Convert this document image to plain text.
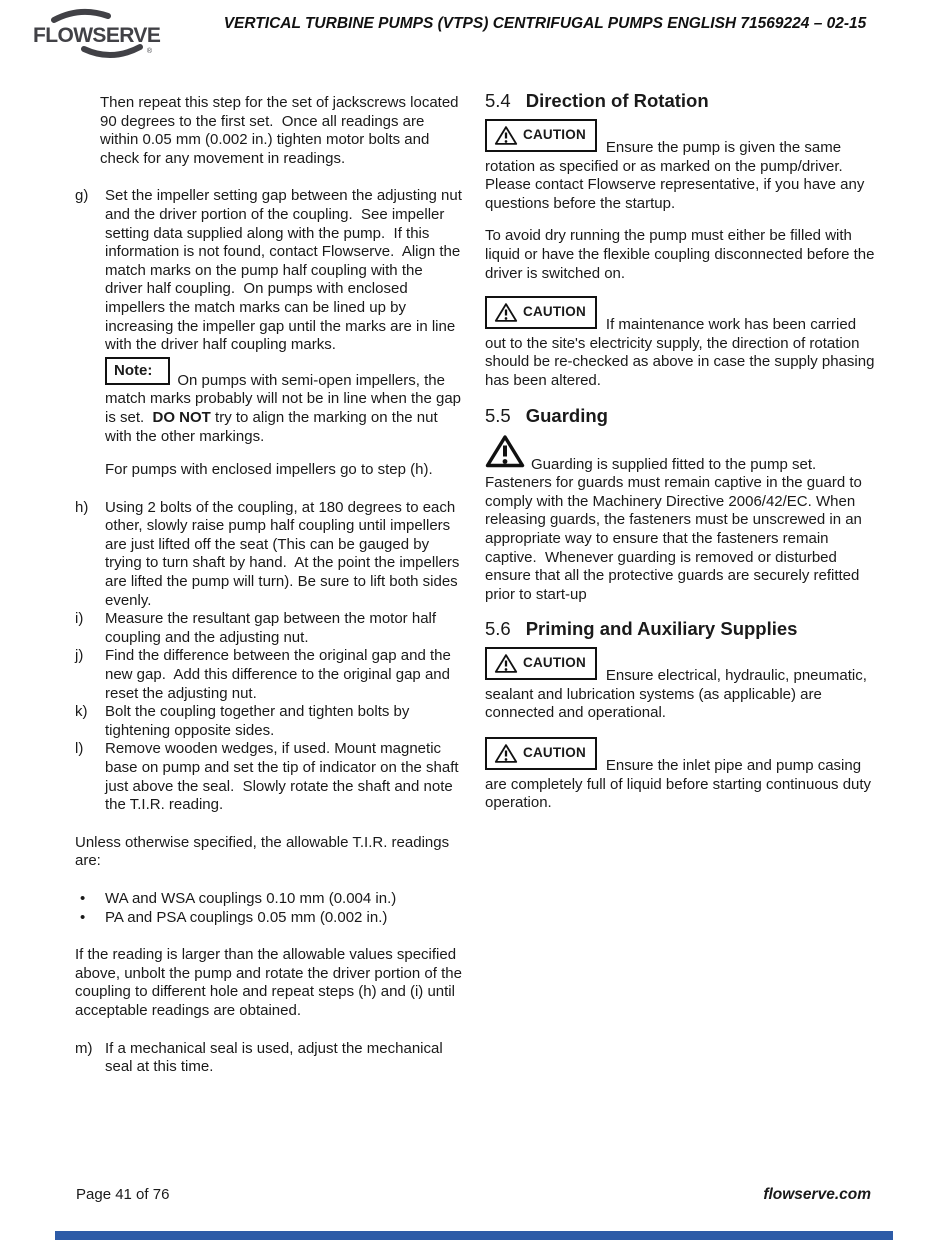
FLOWSERVE
®
VERTICAL TURBINE PUMPS (VTPS) CENTRIFUGAL PUMPS ENGLISH 71569224 – 02-15

Then repeat this step for the set of jackscrews located 90 degrees to the first set.  Once all readings are within 0.05 mm (0.002 in.) tighten motor bolts and check for any movement in readings.

g)	Set the impeller setting gap between the adjusting nut and the driver portion of the coupling.  See impeller setting data supplied along with the pump.  If this information is not found, contact Flowserve.  Align the match marks on the pump half coupling with the driver half coupling.  On pumps with enclosed impellers the match marks can be lined up by increasing the impeller gap until the marks are in line with the driver half coupling marks.

Note:On pumps with semi-open impellers, the match marks probably will not be in line when the gap is set.  DO NOT try to align the marking on the nut with the other markings.

For pumps with enclosed impellers go to step (h).

h)	Using 2 bolts of the coupling, at 180 degrees to each other, slowly raise pump half coupling until impellers are just lifted off the seat (This can be gauged by trying to turn shaft by hand.  At the point the impellers are lifted the pump will turn). Be sure to lift both sides evenly.

i)	Measure the resultant gap between the motor half coupling and the adjusting nut.

j)	Find the difference between the original gap and the new gap.  Add this difference to the original gap and reset the adjusting nut.

k)	Bolt the coupling together and tighten bolts by tightening opposite sides.

l)	Remove wooden wedges, if used. Mount magnetic base on pump and set the tip of indicator on the shaft just above the seal.  Slowly rotate the shaft and note the T.I.R. reading.

Unless otherwise specified, the allowable T.I.R. readings are:

•	WA and WSA couplings 0.10 mm (0.004 in.)

•	PA and PSA couplings 0.05 mm (0.002 in.)

If the reading is larger than the allowable values specified above, unbolt the pump and rotate the driver portion of the coupling to different hole and repeat steps (h) and (i) until acceptable readings are obtained.

m) If a mechanical seal is used, adjust the mechanical seal at this time.

5.4 Direction of Rotation

CAUTIONEnsure the pump is given the same rotation as specified or as marked on the pump/driver. Please contact Flowserve representative, if you have any questions before the startup.

To avoid dry running the pump must either be filled with liquid or have the flexible coupling disconnected before the driver is switched on.

CAUTIONIf maintenance work has been carried out to the site's electricity supply, the direction of rotation should be re-checked as above in case the supply phasing has been altered.

5.5 Guarding

Guarding is supplied fitted to the pump set. Fasteners for guards must remain captive in the guard to comply with the Machinery Directive 2006/42/EC. When releasing guards, the fasteners must be unscrewed in an appropriate way to ensure that the fasteners remain captive.  Whenever guarding is removed or disturbed ensure that all the protective guards are securely refitted prior to start-up

5.6 Priming and Auxiliary Supplies

CAUTIONEnsure electrical, hydraulic, pneumatic, sealant and lubrication systems (as applicable) are connected and operational.

CAUTIONEnsure the inlet pipe and pump casing are completely full of liquid before starting continuous duty operation.

Page 41 of 76	flowserve.com
